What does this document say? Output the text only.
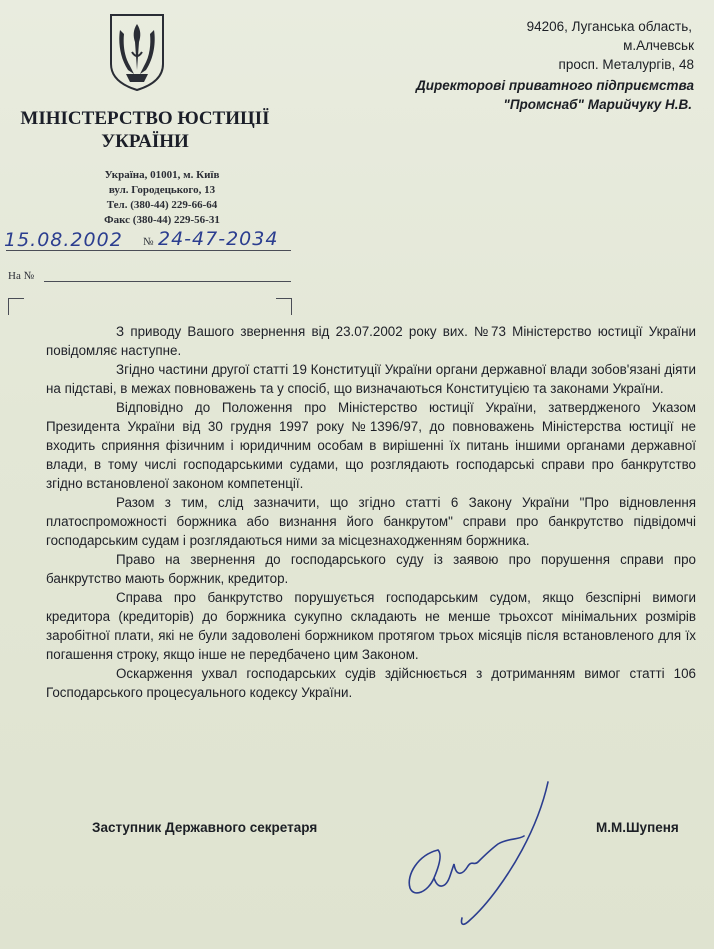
МІНІСТЕРСТВО ЮСТИЦІЇ
УКРАЇНИ
Україна, 01001, м. Київ
вул. Городецького, 13
Тел. (380-44) 229-66-64
Факс (380-44) 229-56-31
15.08.2002 № 24-47-2034
На №
94206, Луганська область,
м.Алчевськ
просп. Металургів, 48
Директорові приватного підприємства
"Промснаб" Марийчуку Н.В.

З приводу Вашого звернення від 23.07.2002 року вих. №73 Міністерство юстиції України повідомляє наступне.

Згідно частини другої статті 19 Конституції України органи державної влади зобов'язані діяти на підставі, в межах повноважень та у спосіб, що визначаються Конституцією та законами України.

Відповідно до Положення про Міністерство юстиції України, затвердженого Указом Президента України від 30 грудня 1997 року №1396/97, до повноважень Міністерства юстиції не входить сприяння фізичним і юридичним особам в вирішенні їх питань іншими органами державної влади, в тому числі господарськими судами, що розглядають господарські справи про банкрутство згідно встановленої законом компетенції.

Разом з тим, слід зазначити, що згідно статті 6 Закону України "Про відновлення платоспроможності боржника або визнання його банкрутом" справи про банкрутство підвідомчі господарським судам і розглядаються ними за місцезнаходженням боржника.

Право на звернення до господарського суду із заявою про порушення справи про банкрутство мають боржник, кредитор.

Справа про банкрутство порушується господарським судом, якщо безспірні вимоги кредитора (кредиторів) до боржника сукупно складають не менше трьохсот мінімальних розмірів заробітної плати, які не були задоволені боржником протягом трьох місяців після встановленого для їх погашення строку, якщо інше не передбачено цим Законом.

Оскарження ухвал господарських судів здійснюється з дотриманням вимог статті 106 Господарського процесуального кодексу України.

Заступник Державного секретаря	М.М.Шупеня
